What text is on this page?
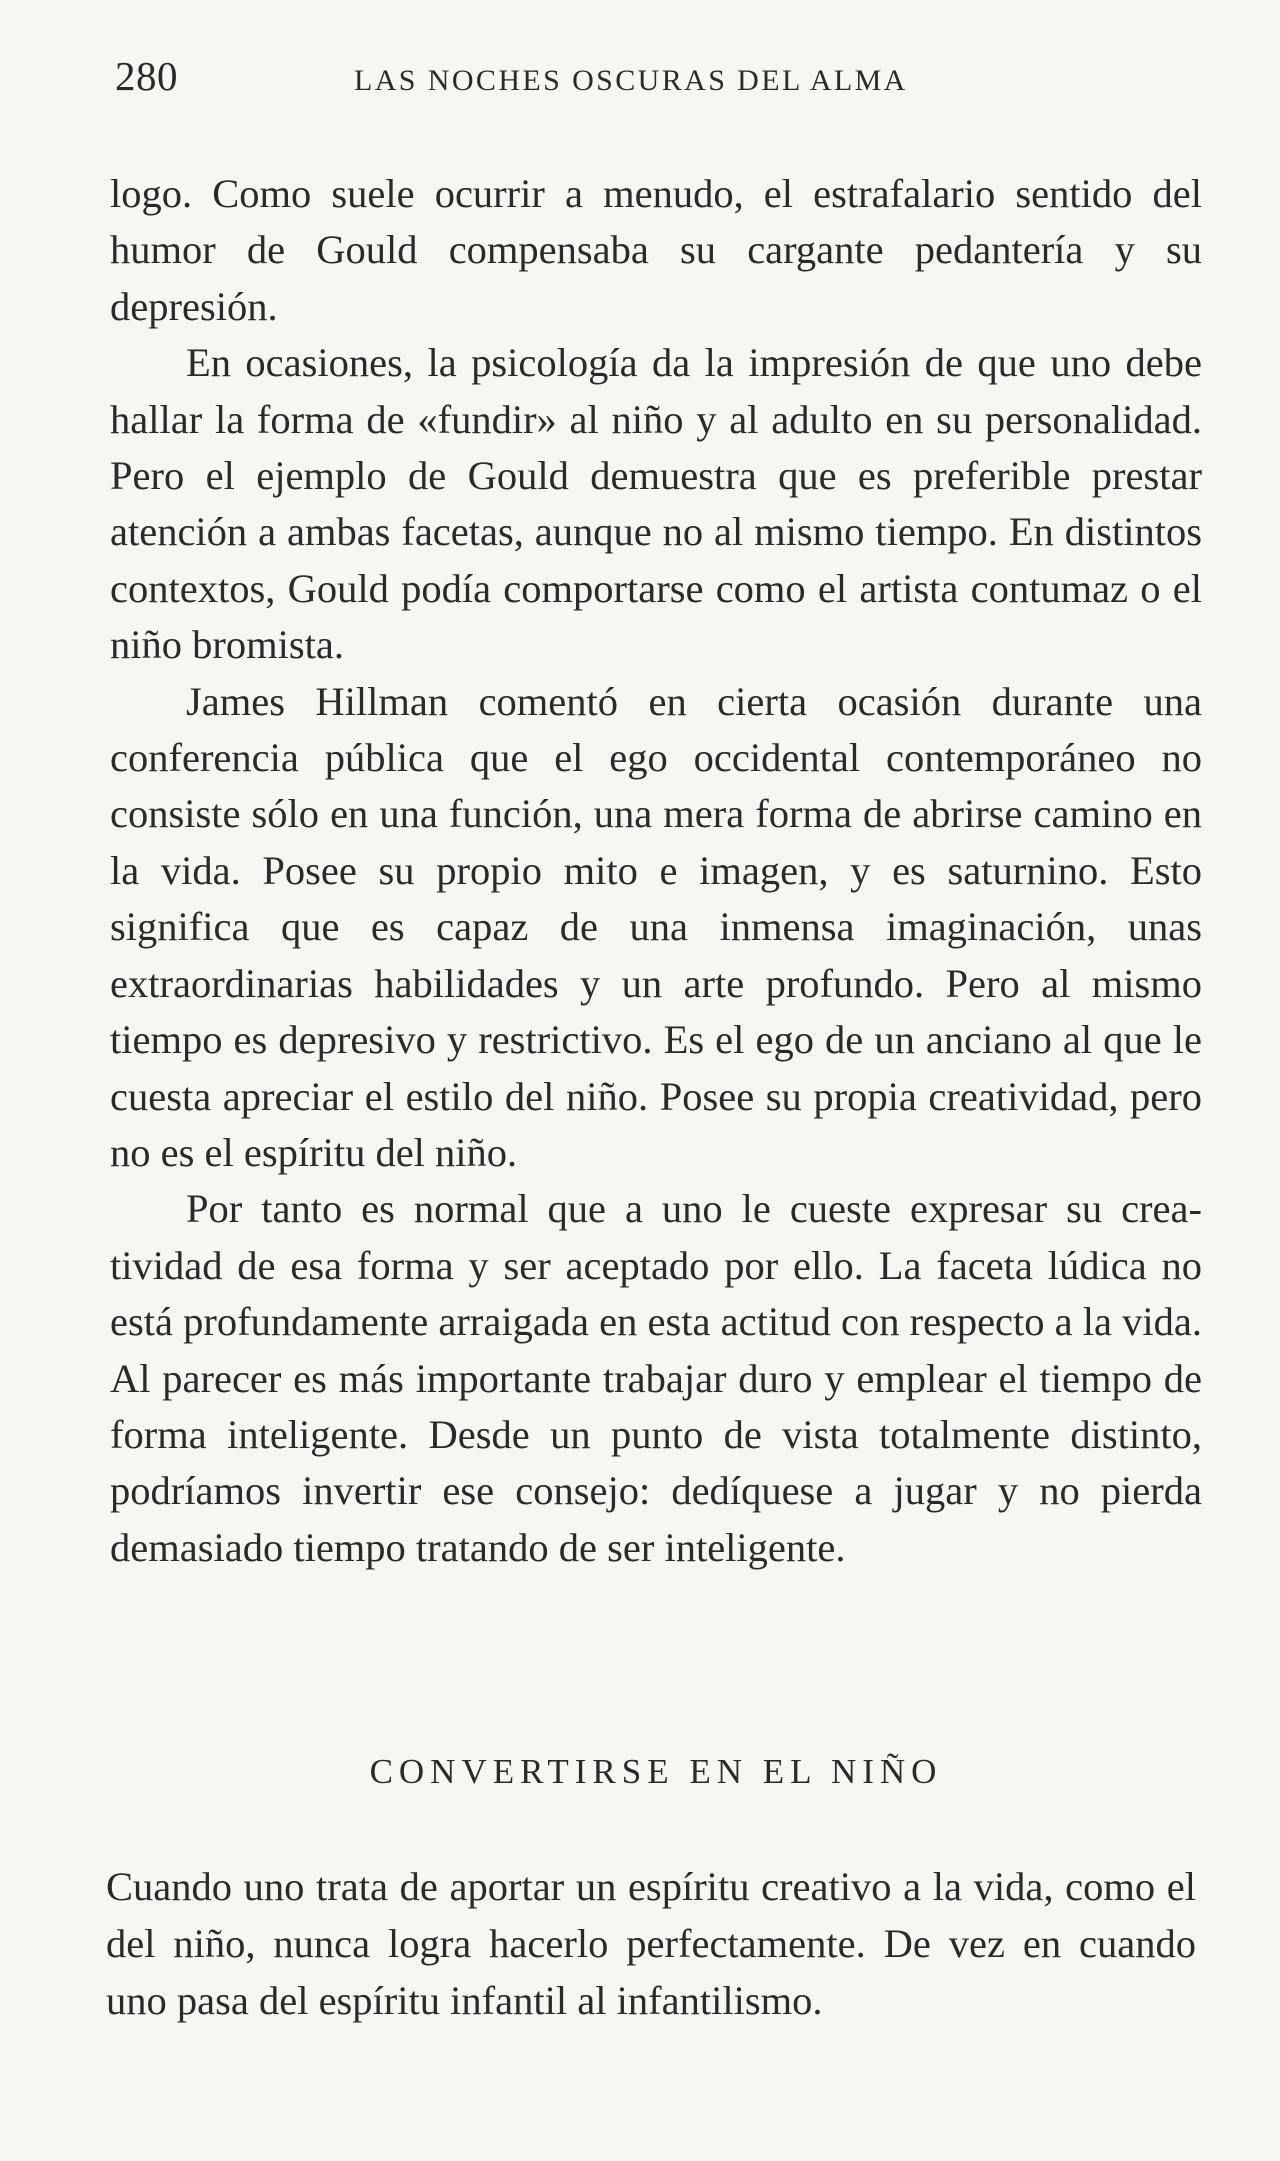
280	LAS NOCHES OSCURAS DEL ALMA

logo. Como suele ocurrir a menudo, el estrafalario sentido del humor de Gould compensaba su cargante pedantería y su depresión.

En ocasiones, la psicología da la impresión de que uno debe hallar la forma de «fundir» al niño y al adulto en su personalidad. Pero el ejemplo de Gould demuestra que es preferible prestar atención a ambas facetas, aunque no al mismo tiempo. En distintos contextos, Gould podía comportarse como el artista contumaz o el niño bromista.

James Hillman comentó en cierta ocasión durante una conferencia pública que el ego occidental contemporáneo no consiste sólo en una función, una mera forma de abrirse camino en la vida. Posee su propio mito e imagen, y es saturnino. Esto significa que es capaz de una inmensa imaginación, unas extraordinarias habilidades y un arte profundo. Pero al mismo tiempo es depresivo y restrictivo. Es el ego de un anciano al que le cuesta apreciar el estilo del niño. Posee su propia creatividad, pero no es el espíritu del niño.

Por tanto es normal que a uno le cueste expresar su creatividad de esa forma y ser aceptado por ello. La faceta lúdica no está profundamente arraigada en esta actitud con respecto a la vida. Al parecer es más importante trabajar duro y emplear el tiempo de forma inteligente. Desde un punto de vista totalmente distinto, podríamos invertir ese consejo: dedíquese a jugar y no pierda demasiado tiempo tratando de ser inteligente.

CONVERTIRSE EN EL NIÑO

Cuando uno trata de aportar un espíritu creativo a la vida, como el del niño, nunca logra hacerlo perfectamente. De vez en cuando uno pasa del espíritu infantil al infantilismo.
